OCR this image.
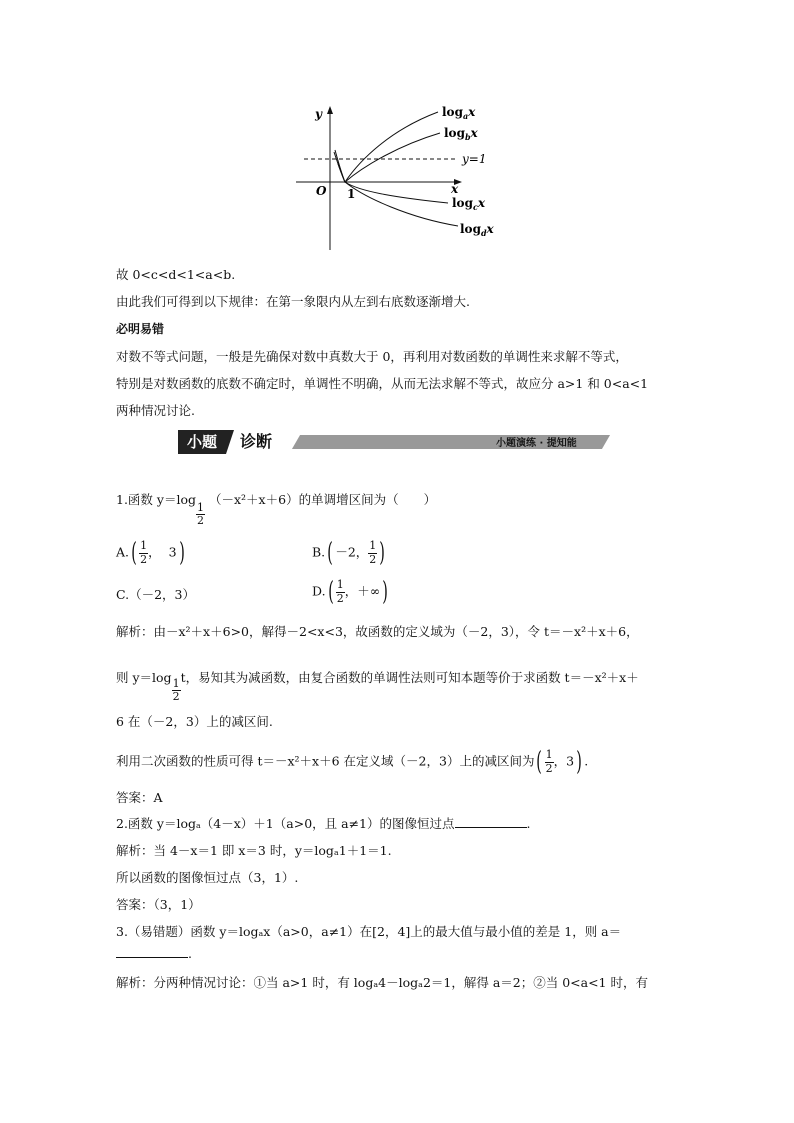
y
x
O 1
y=1
$\log_ax$
$\log_bx$
$\log_cx$
$\log_dx$
故 0<c<d<1<a<b.
由此我们可得到以下规律：在第一象限内从左到右底数逐渐增大.
必明易错
对数不等式问题，一般是先确保对数中真数大于 0，再利用对数函数的单调性来求解不等式，
特别是对数函数的底数不确定时，单调性不明确，从而无法求解不等式，故应分 a>1 和 0<a<1
两种情况讨论.
小题	诊断	小题演练 · 提知能
1.函数 y＝log
$\frac{1}{2}$
（－x²＋x＋6）的单调增区间为（　　）
$A.( \frac{1}{2}$ ，  3)	B.( －2， $\frac{1}{2}$ )
C.（－2，3）	$D.( \frac{1}{2}$ ，＋∞)
解析：由－x²＋x＋6>0，解得－2<x<3，故函数的定义域为（－2，3），令 t＝－x²＋x＋6，
则 y＝log
$\frac{1}{2}$
t，易知其为减函数，由复合函数的单调性法则可知本题等价于求函数 t＝－x²＋x＋
6 在（－2，3）上的减区间.
利用二次函数的性质可得 t＝－x²＋x＋6 在定义域（－2，3）上的减区间为( $\frac{1}{2}$ ，3) .
答案：A
2.函数 y＝logₐ（4－x）＋1（a>0，且 a≠1）的图像恒过点	.
解析：当 4－x＝1 即 x＝3 时，y＝logₐ1＋1＝1.
所以函数的图像恒过点（3，1）.
答案：（3，1）
3.（易错题）函数 y＝logₐx（a>0，a≠1）在[2，4]上的最大值与最小值的差是 1，则 a＝
.
解析：分两种情况讨论：①当 a>1 时，有 logₐ4－logₐ2＝1，解得 a＝2；②当 0<a<1 时，有
